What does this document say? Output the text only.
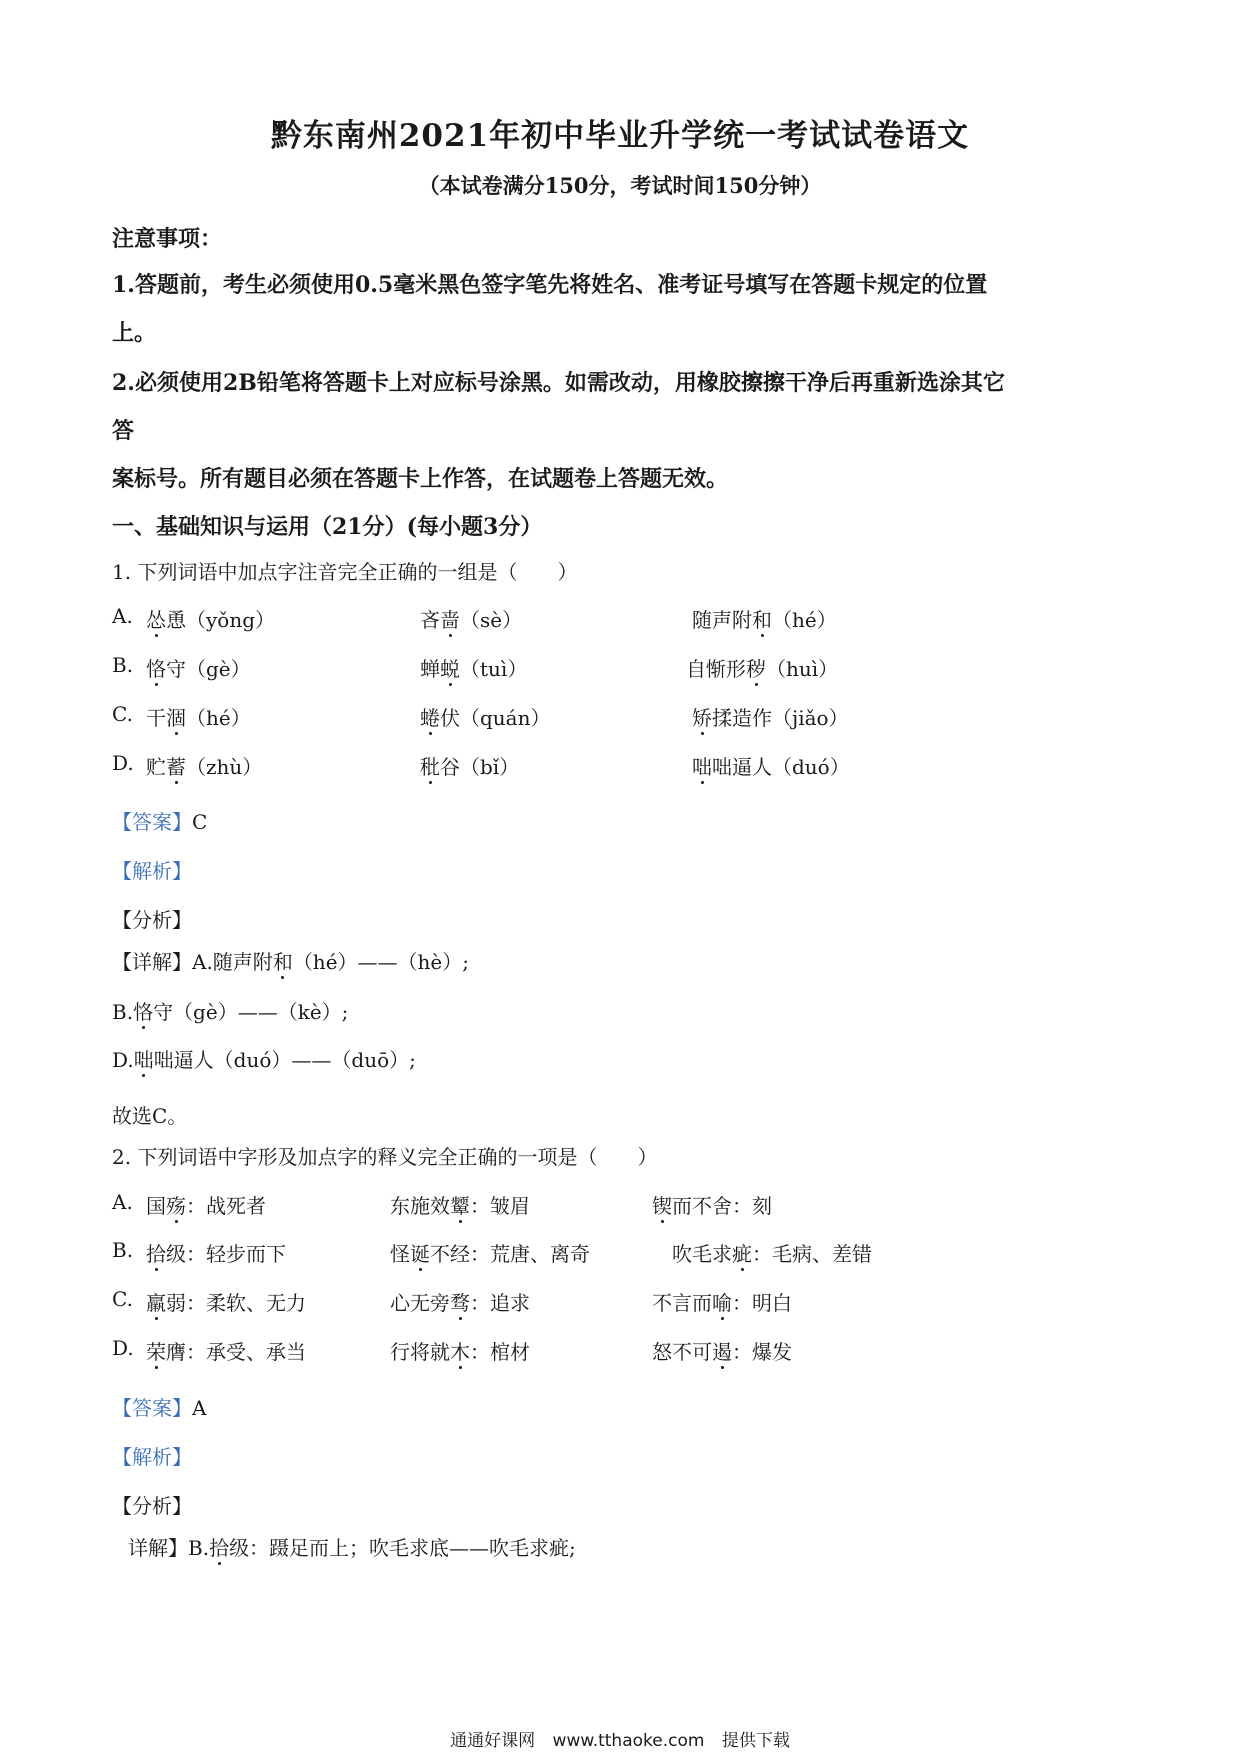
黔东南州2021年初中毕业升学统一考试试卷语文
（本试卷满分150分，考试时间150分钟）
注意事项：
1.答题前，考生必须使用0.5毫米黑色签字笔先将姓名、准考证号填写在答题卡规定的位置
上。
2.必须使用2B铅笔将答题卡上对应标号涂黑。如需改动，用橡胶擦擦干净后再重新选涂其它
答
案标号。所有题目必须在答题卡上作答，在试题卷上答题无效。
一、基础知识与运用（21分）(每小题3分）
1. 下列词语中加点字注音完全正确的一组是（　　）
A. 怂恿（yǒng）	吝啬（sè）	随声附和（hé）
B. 恪守（gè）	蝉蜕（tuì）	自惭形秽（huì）
C. 干涸（hé）	蜷伏（quán）	矫揉造作（jiǎo）
D. 贮蓄（zhù）	秕谷（bǐ）	咄咄逼人（duó）
【答案】C
【解析】
【分析】
【详解】A.随声附和（hé）——（hè）;
B.恪守（gè）——（kè）;
D.咄咄逼人（duó）——（duō）;
故选C。
2. 下列词语中字形及加点字的释义完全正确的一项是（　　）
A. 国殇：战死者	东施效颦：皱眉	锲而不舍：刻
B. 拾级：轻步而下	怪诞不经：荒唐、离奇	吹毛求疵：毛病、差错
C. 羸弱：柔软、无力	心无旁骛：追求	不言而喻：明白
D. 荣膺：承受、承当	行将就木：棺材	怒不可遏：爆发
【答案】A
【解析】
【分析】
详解】B.拾级：蹑足而上；吹毛求底——吹毛求疵;
通通好课网 www.tthaoke.com 提供下载
